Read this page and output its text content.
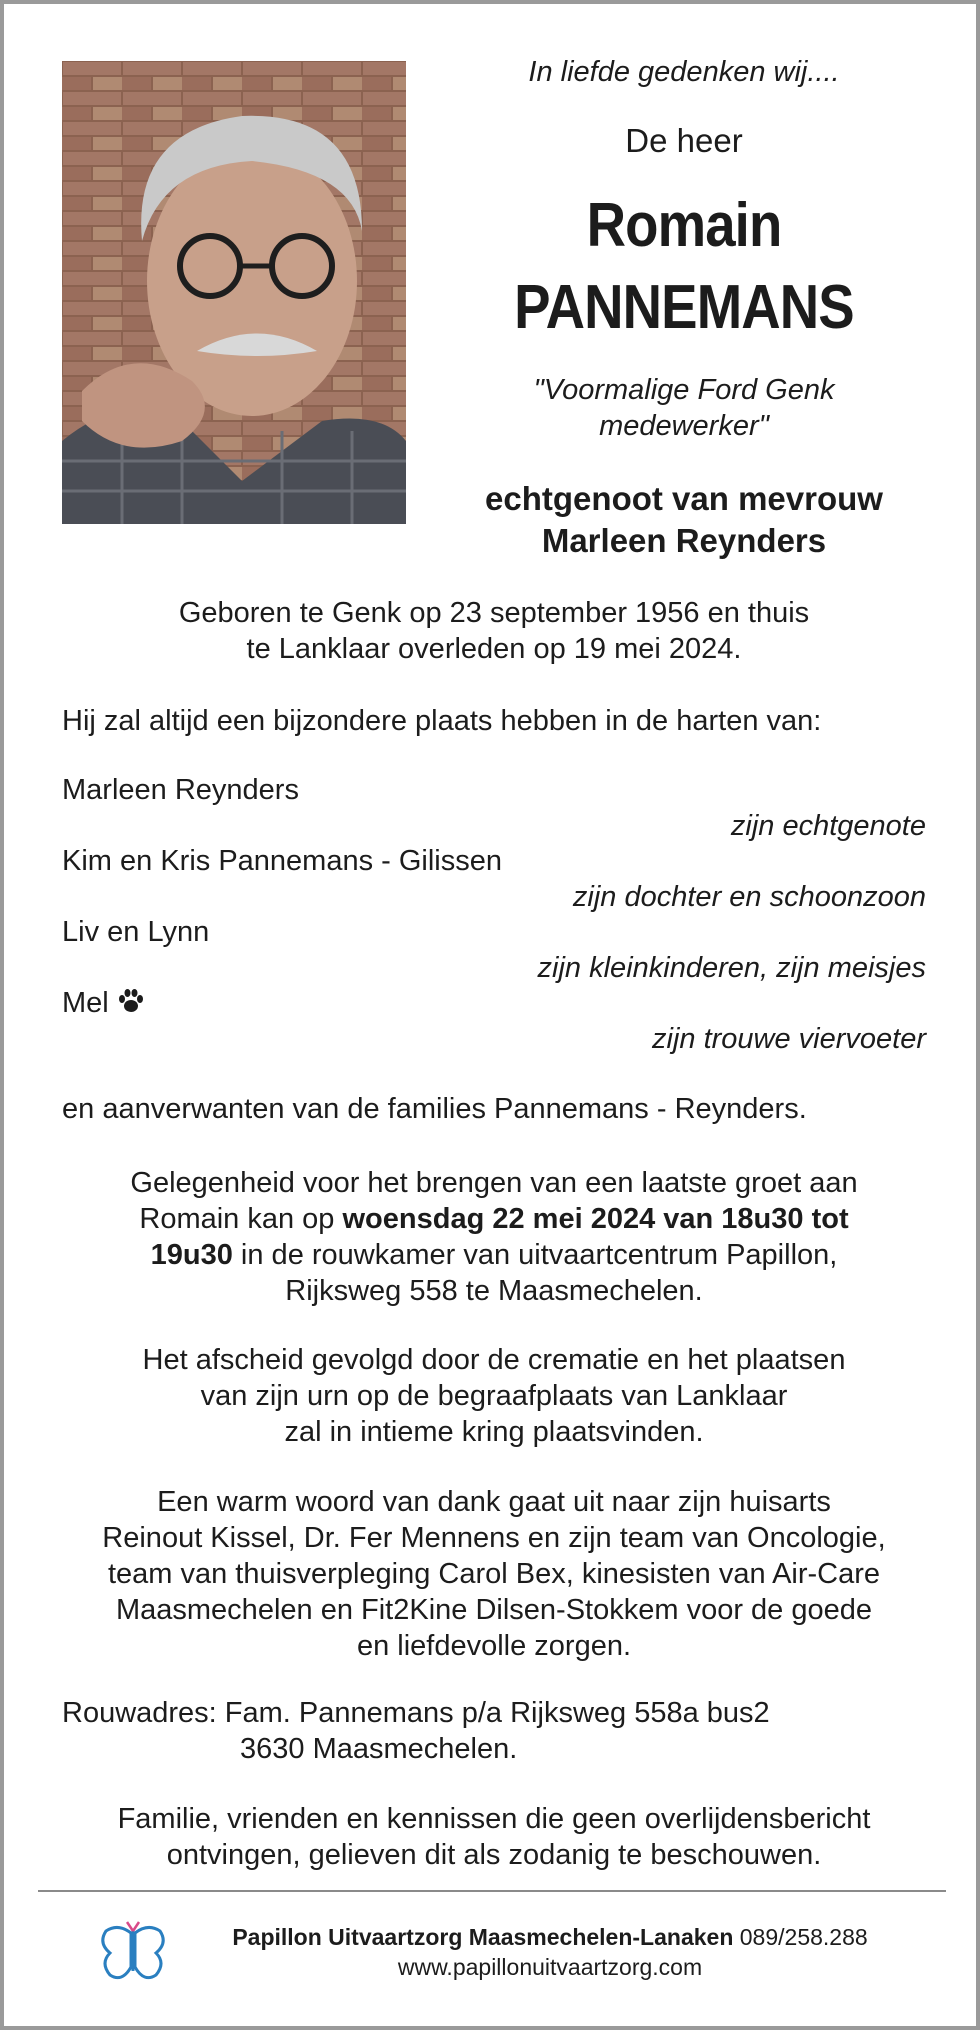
In liefde gedenken wij....
De heer
Romain
PANNEMANS
"Voormalige Ford Genk
medewerker"
echtgenoot van mevrouw
Marleen Reynders
Geboren te Genk op 23 september 1956 en thuis
te Lanklaar overleden op 19 mei 2024.
Hij zal altijd een bijzondere plaats hebben in de harten van:
Marleen Reynders
zijn echtgenote
Kim en Kris Pannemans - Gilissen
zijn dochter en schoonzoon
Liv en Lynn
zijn kleinkinderen, zijn meisjes
Mel
zijn trouwe viervoeter
en aanverwanten van de families Pannemans - Reynders.
Gelegenheid voor het brengen van een laatste groet aan
Romain kan op woensdag 22 mei 2024 van 18u30 tot
19u30 in de rouwkamer van uitvaartcentrum Papillon,
Rijksweg 558 te Maasmechelen.
Het afscheid gevolgd door de crematie en het plaatsen
van zijn urn op de begraafplaats van Lanklaar
zal in intieme kring plaatsvinden.
Een warm woord van dank gaat uit naar zijn huisarts
Reinout Kissel, Dr. Fer Mennens en zijn team van Oncologie,
team van thuisverpleging Carol Bex, kinesisten van Air-Care
Maasmechelen en Fit2Kine Dilsen-Stokkem voor de goede
en liefdevolle zorgen.
Rouwadres: Fam. Pannemans p/a Rijksweg 558a bus2
3630 Maasmechelen.
Familie, vrienden en kennissen die geen overlijdensbericht
ontvingen, gelieven dit als zodanig te beschouwen.
Papillon Uitvaartzorg Maasmechelen-Lanaken 089/258.288
www.papillonuitvaartzorg.com
